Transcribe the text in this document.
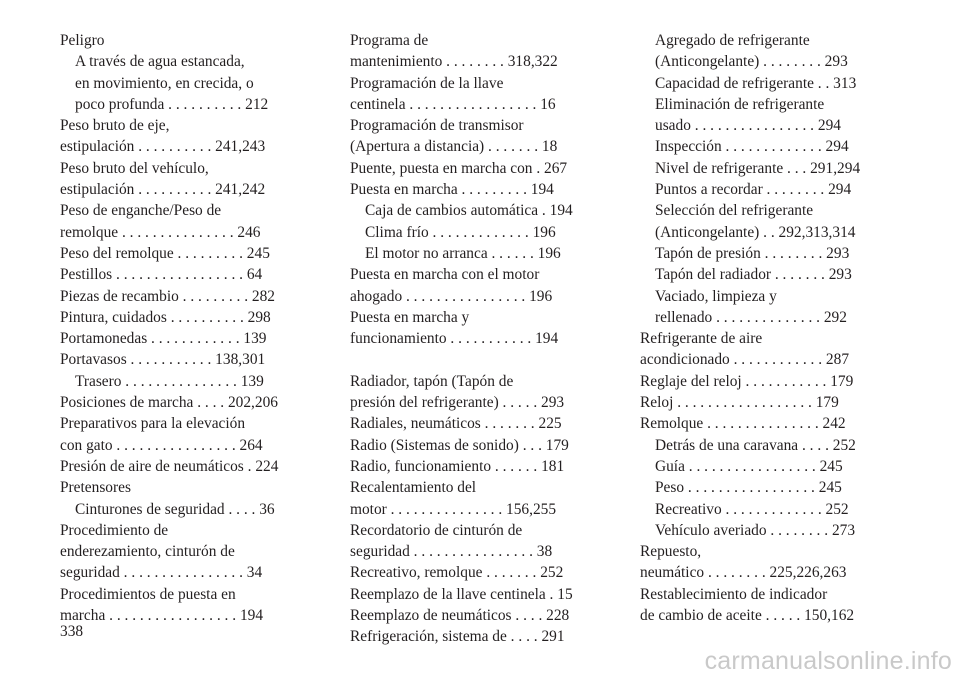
Peligro
A través de agua estancada,
en movimiento, en crecida, o
poco profunda . . . . . . . . . . 212
Peso bruto de eje,
estipulación . . . . . . . . . . 241,243
Peso bruto del vehículo,
estipulación . . . . . . . . . . 241,242
Peso de enganche/Peso de
remolque . . . . . . . . . . . . . . . 246
Peso del remolque . . . . . . . . . 245
Pestillos . . . . . . . . . . . . . . . . . 64
Piezas de recambio . . . . . . . . . 282
Pintura, cuidados . . . . . . . . . . 298
Portamonedas . . . . . . . . . . . . 139
Portavasos . . . . . . . . . . . 138,301
Trasero . . . . . . . . . . . . . . . 139
Posiciones de marcha . . . . 202,206
Preparativos para la elevación
con gato . . . . . . . . . . . . . . . . 264
Presión de aire de neumáticos . 224
Pretensores
Cinturones de seguridad . . . . 36
Procedimiento de
enderezamiento, cinturón de
seguridad . . . . . . . . . . . . . . . . 34
Procedimientos de puesta en
marcha . . . . . . . . . . . . . . . . . 194
Programa de
mantenimiento . . . . . . . . 318,322
Programación de la llave
centinela . . . . . . . . . . . . . . . . . 16
Programación de transmisor
(Apertura a distancia) . . . . . . . 18
Puente, puesta en marcha con . 267
Puesta en marcha . . . . . . . . . 194
Caja de cambios automática . 194
Clima frío . . . . . . . . . . . . . 196
El motor no arranca . . . . . . 196
Puesta en marcha con el motor
ahogado . . . . . . . . . . . . . . . . 196
Puesta en marcha y
funcionamiento . . . . . . . . . . . 194
Radiador, tapón (Tapón de
presión del refrigerante) . . . . . 293
Radiales, neumáticos . . . . . . . 225
Radio (Sistemas de sonido) . . . 179
Radio, funcionamiento . . . . . . 181
Recalentamiento del
motor . . . . . . . . . . . . . . . 156,255
Recordatorio de cinturón de
seguridad . . . . . . . . . . . . . . . . 38
Recreativo, remolque . . . . . . . 252
Reemplazo de la llave centinela . 15
Reemplazo de neumáticos . . . . 228
Refrigeración, sistema de . . . . 291
Agregado de refrigerante
(Anticongelante) . . . . . . . . 293
Capacidad de refrigerante . . 313
Eliminación de refrigerante
usado . . . . . . . . . . . . . . . . 294
Inspección . . . . . . . . . . . . . 294
Nivel de refrigerante . . . 291,294
Puntos a recordar . . . . . . . . 294
Selección del refrigerante
(Anticongelante) . . 292,313,314
Tapón de presión . . . . . . . . 293
Tapón del radiador . . . . . . . 293
Vaciado, limpieza y
rellenado . . . . . . . . . . . . . . 292
Refrigerante de aire
acondicionado . . . . . . . . . . . . 287
Reglaje del reloj . . . . . . . . . . . 179
Reloj . . . . . . . . . . . . . . . . . . 179
Remolque . . . . . . . . . . . . . . . 242
Detrás de una caravana . . . . 252
Guía . . . . . . . . . . . . . . . . . 245
Peso . . . . . . . . . . . . . . . . . 245
Recreativo . . . . . . . . . . . . . 252
Vehículo averiado . . . . . . . . 273
Repuesto,
neumático . . . . . . . . 225,226,263
Restablecimiento de indicador
de cambio de aceite . . . . . 150,162
338
carmanualsonline.info
